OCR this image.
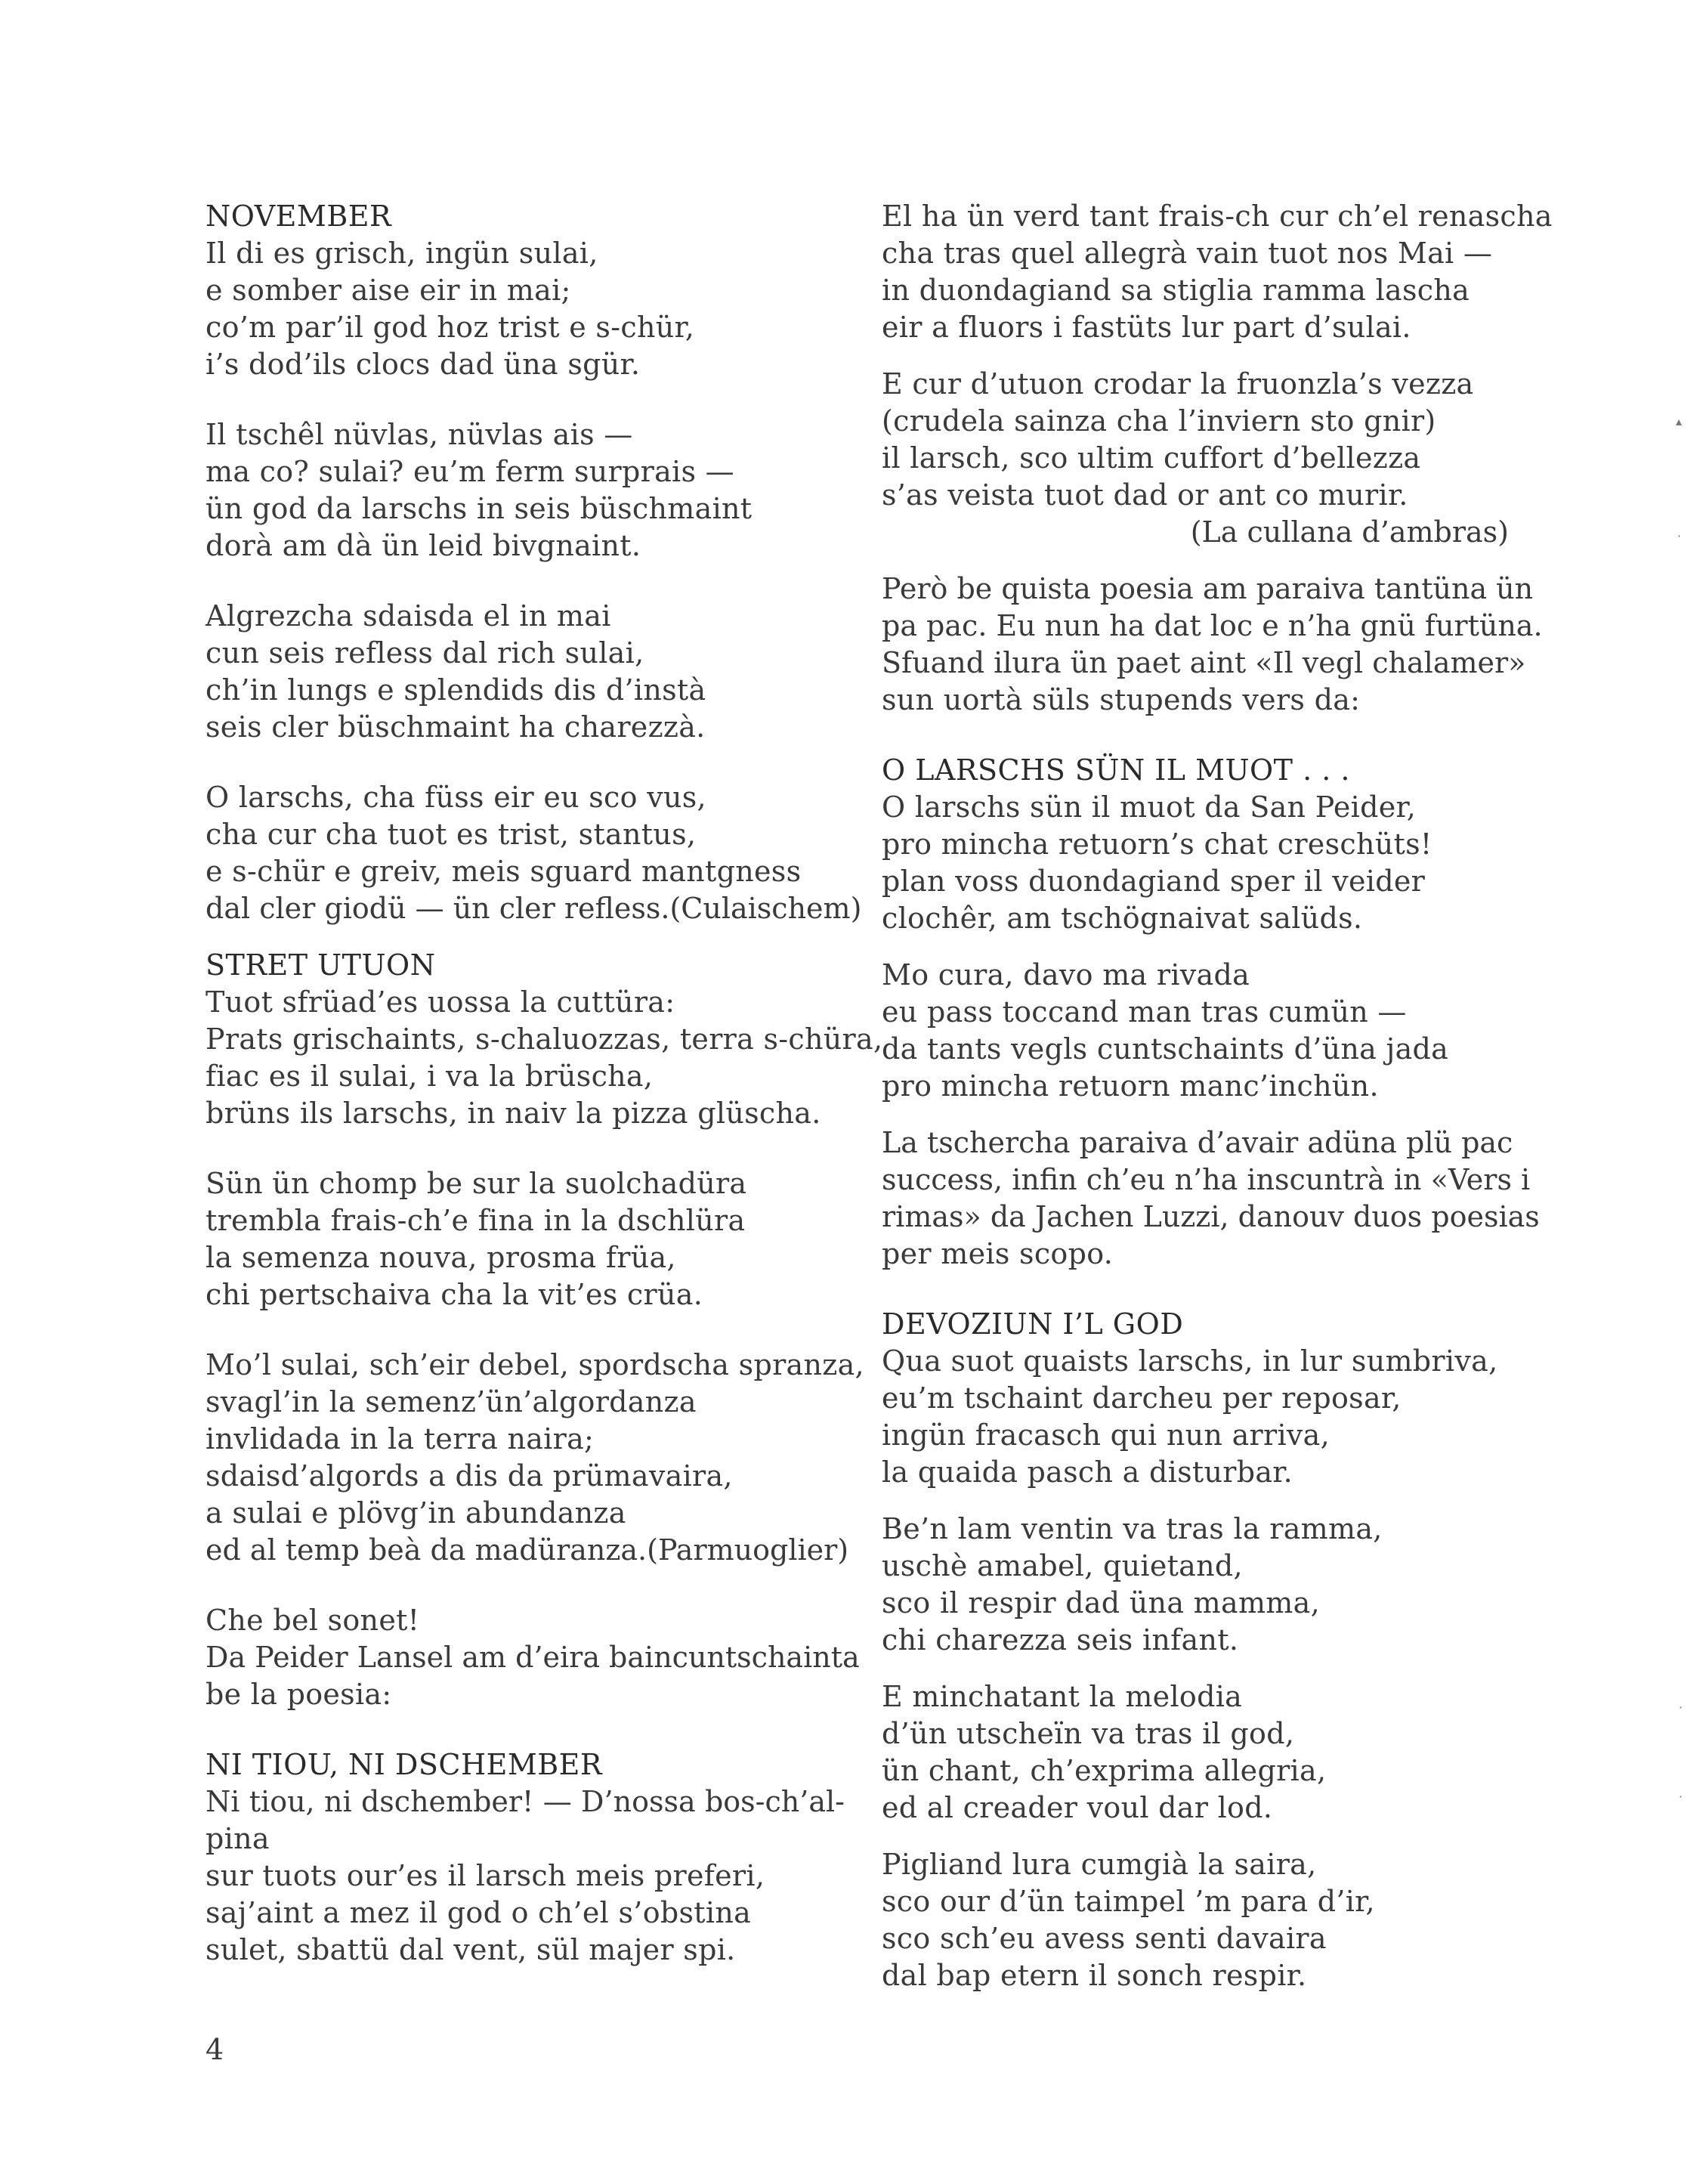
NOVEMBER
Il di es grisch, ingün sulai,
e somber aise eir in mai;
co’m par’il god hoz trist e s-chür,
i’s dod’ils clocs dad üna sgür.
Il tschêl nüvlas, nüvlas ais —
ma co? sulai? eu’m ferm surprais —
ün god da larschs in seis büschmaint
dorà am dà ün leid bivgnaint.
Algrezcha sdaisda el in mai
cun seis refless dal rich sulai,
ch’in lungs e splendids dis d’instà
seis cler büschmaint ha charezzà.
O larschs, cha füss eir eu sco vus,
cha cur cha tuot es trist, stantus,
e s-chür e greiv, meis sguard mantgness
dal cler giodü — ün cler refless. (Culaischem)
STRET UTUON
Tuot sfrüad’es uossa la cuttüra:
Prats grischaints, s-chaluozzas, terra s-chüra,
fiac es il sulai, i va la brüscha,
brüns ils larschs, in naiv la pizza glüscha.
Sün ün chomp be sur la suolchadüra
trembla frais-ch’e fina in la dschlüra
la semenza nouva, prosma früa,
chi pertschaiva cha la vit’es crüa.
Mo’l sulai, sch’eir debel, spordscha spranza,
svagl’in la semenz’ün’algordanza
invlidada in la terra naira;
sdaisd’algords a dis da prümavaira,
a sulai e plövg’in abundanza
ed al temp beà da madüranza. (Parmuoglier)
Che bel sonet!
Da Peider Lansel am d’eira baincuntschainta
be la poesia:
NI TIOU, NI DSCHEMBER
Ni tiou, ni dschember! — D’nossa bos-ch’al-
pina
sur tuots our’es il larsch meis preferi,
saj’aint a mez il god o ch’el s’obstina
sulet, sbattü dal vent, sül majer spi.
El ha ün verd tant frais-ch cur ch’el renascha
cha tras quel allegrà vain tuot nos Mai —
in duondagiand sa stiglia ramma lascha
eir a fluors i fastüts lur part d’sulai.
E cur d’utuon crodar la fruonzla’s vezza
(crudela sainza cha l’inviern sto gnir)
il larsch, sco ultim cuffort d’bellezza
s’as veista tuot dad or ant co murir.
(La cullana d’ambras)
Però be quista poesia am paraiva tantüna ün
pa pac. Eu nun ha dat loc e n’ha gnü furtüna.
Sfuand ilura ün paet aint «Il vegl chalamer»
sun uortà süls stupends vers da:
O LARSCHS SÜN IL MUOT . . .
O larschs sün il muot da San Peider,
pro mincha retuorn’s chat creschüts!
plan voss duondagiand sper il veider
clochêr, am tschögnaivat salüds.
Mo cura, davo ma rivada
eu pass toccand man tras cumün —
da tants vegls cuntschaints d’üna jada
pro mincha retuorn manc’inchün.
La tschercha paraiva d’avair adüna plü pac
success, infin ch’eu n’ha inscuntrà in «Vers i
rimas» da Jachen Luzzi, danouv duos poesias
per meis scopo.
DEVOZIUN I’L GOD
Qua suot quaists larschs, in lur sumbriva,
eu’m tschaint darcheu per reposar,
ingün fracasch qui nun arriva,
la quaida pasch a disturbar.
Be’n lam ventin va tras la ramma,
uschè amabel, quietand,
sco il respir dad üna mamma,
chi charezza seis infant.
E minchatant la melodia
d’ün utscheïn va tras il god,
ün chant, ch’exprima allegria,
ed al creader voul dar lod.
Pigliand lura cumgià la saira,
sco our d’ün taimpel ’m para d’ir,
sco sch’eu avess senti davaira
dal bap etern il sonch respir.
4
▴
·
·
·
